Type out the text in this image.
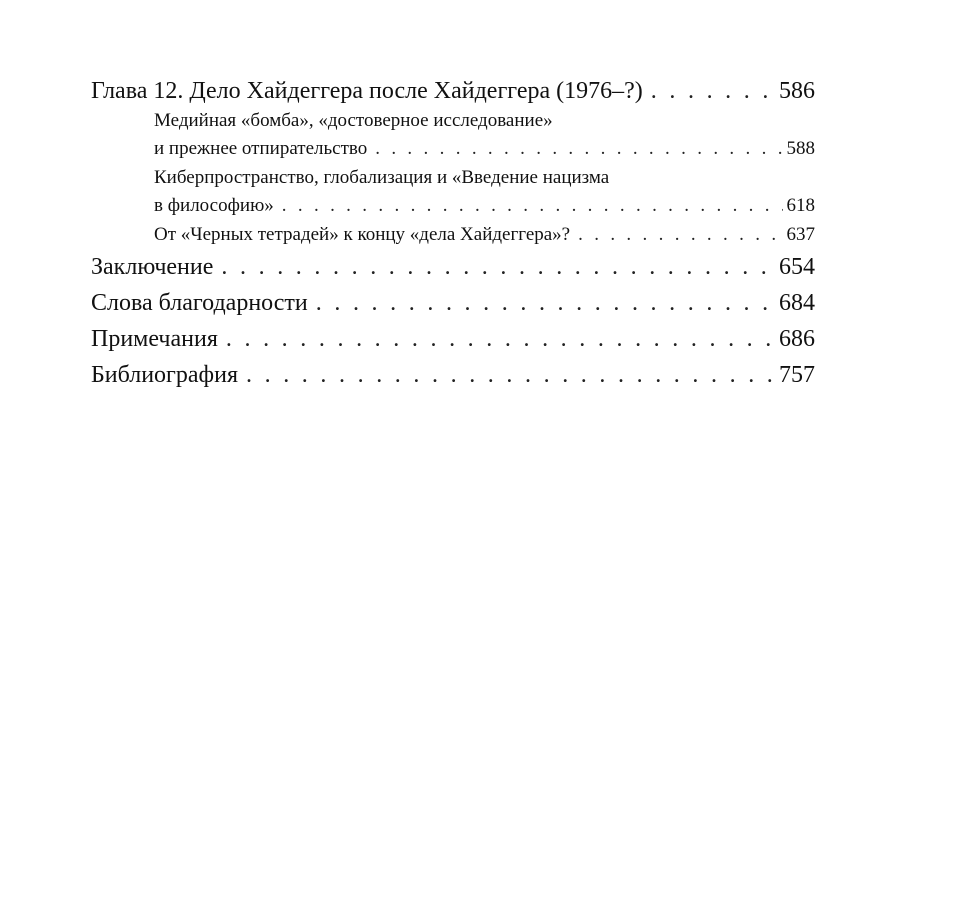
Глава 12. Дело Хайдеггера после Хайдеггера (1976–?) . . .	586
Медийная «бомба», «достоверное исследование»
и прежнее отпирательство . . .	588
Киберпространство, глобализация и «Введение нацизма
в философию» . . .	618
От «Черных тетрадей» к концу «дела Хайдеггера»? . . .	637
Заключение . . .	654
Слова благодарности . . .	684
Примечания . . .	686
Библиография . . .	757
